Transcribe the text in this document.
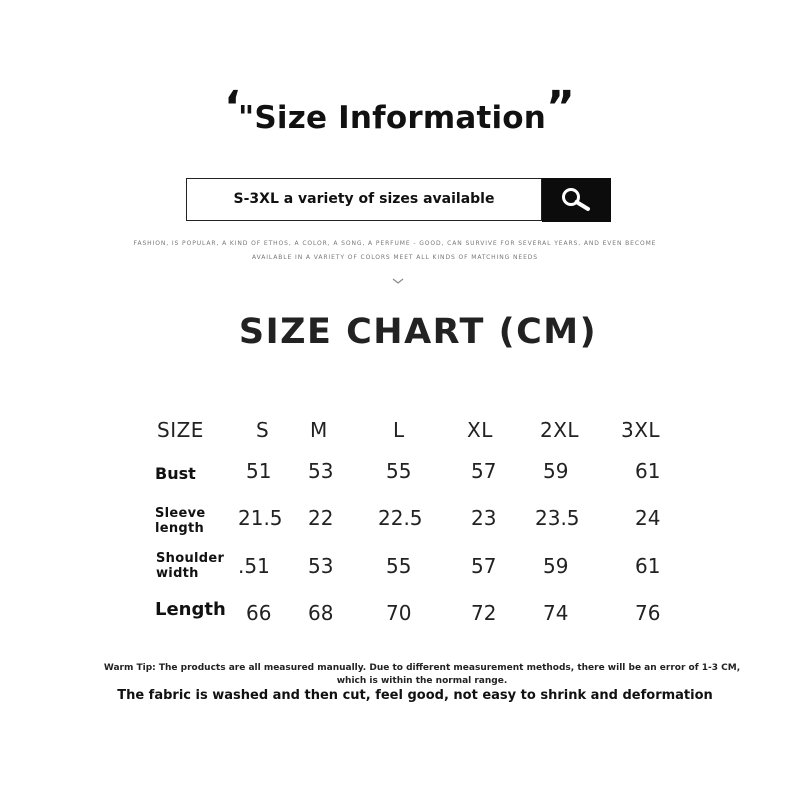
‘
"Size Information ”
S-3XL a variety of sizes available
FASHION, IS POPULAR, A KIND OF ETHOS, A COLOR, A SONG, A PERFUME - GOOD, CAN SURVIVE FOR SEVERAL YEARS, AND EVEN BECOME
AVAILABLE IN A VARIETY OF COLORS MEET ALL KINDS OF MATCHING NEEDS
SIZE CHART (CM)
SIZE	S M	L	XL 2XL 3XL
Bust	51 53	55	57 59	61
Sleeve
length 21.5 22 22.5 23 23.5	24
Shoulder
width .51 53	55	57 59	61
Length 66 68	70	72 74	76
Warm Tip: The products are all measured manually. Due to different measurement methods, there will be an error of 1-3 CM,
which is within the normal range.
The fabric is washed and then cut, feel good, not easy to shrink and deformation
